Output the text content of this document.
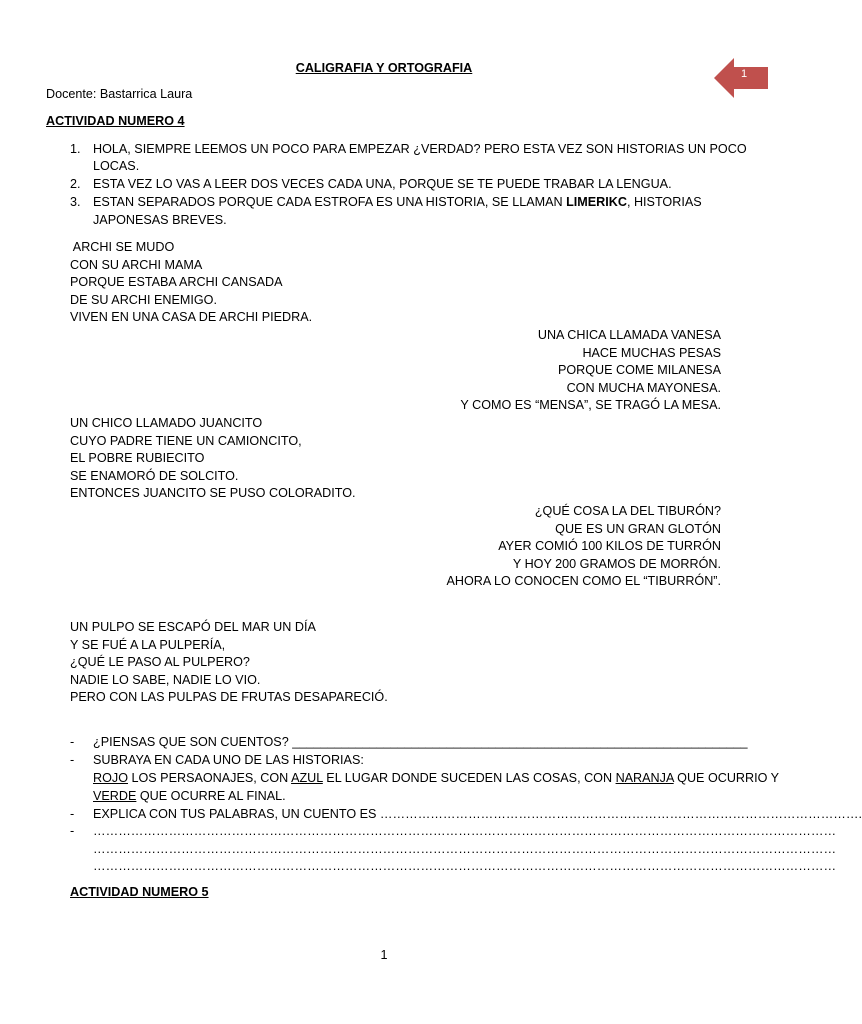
1
CALIGRAFIA Y ORTOGRAFIA
Docente: Bastarrica Laura
ACTIVIDAD NUMERO 4
1. HOLA, SIEMPRE LEEMOS UN POCO PARA EMPEZAR ¿VERDAD? PERO ESTA VEZ SON HISTORIAS UN POCO
LOCAS.
2. ESTA VEZ LO VAS A LEER DOS VECES CADA UNA, PORQUE SE TE PUEDE TRABAR LA LENGUA.
3. ESTAN SEPARADOS PORQUE CADA ESTROFA ES UNA HISTORIA, SE LLAMAN LIMERIKC, HISTORIAS
JAPONESAS BREVES.
ARCHI SE MUDO
CON SU ARCHI MAMA
PORQUE ESTABA ARCHI CANSADA
DE SU ARCHI ENEMIGO.
VIVEN EN UNA CASA DE ARCHI PIEDRA.
UNA CHICA LLAMADA VANESA
HACE MUCHAS PESAS
PORQUE COME MILANESA
CON MUCHA MAYONESA.
Y COMO ES “MENSA”, SE TRAGÓ LA MESA.
UN CHICO LLAMADO JUANCITO
CUYO PADRE TIENE UN CAMIONCITO,
EL POBRE RUBIECITO
SE ENAMORÓ DE SOLCITO.
ENTONCES JUANCITO SE PUSO COLORADITO.
¿QUÉ COSA LA DEL TIBURÓN?
QUE ES UN GRAN GLOTÓN
AYER COMIÓ 100 KILOS DE TURRÓN
Y HOY 200 GRAMOS DE MORRÓN.
AHORA LO CONOCEN COMO EL “TIBURRÓN”.
UN PULPO SE ESCAPÓ DEL MAR UN DÍA
Y SE FUÉ A LA PULPERÍA,
¿QUÉ LE PASO AL PULPERO?
NADIE LO SABE, NADIE LO VIO.
PERO CON LAS PULPAS DE FRUTAS DESAPARECIÓ.
- ¿PIENSAS QUE SON CUENTOS? _________________________________________________________________
- SUBRAYA EN CADA UNO DE LAS HISTORIAS:
ROJO LOS PERSAONAJES, CON AZUL EL LUGAR DONDE SUCEDEN LAS COSAS, CON NARANJA QUE OCURRIO Y
VERDE QUE OCURRE AL FINAL.
- EXPLICA CON TUS PALABRAS, UN CUENTO ES …………………………………………………………………………………………………….
- ……………………………………………………………………………………………………………………………………………………………
……………………………………………………………………………………………………………………………………………………………
……………………………………………………………………………………………………………………………………………………………
ACTIVIDAD NUMERO 5
1
